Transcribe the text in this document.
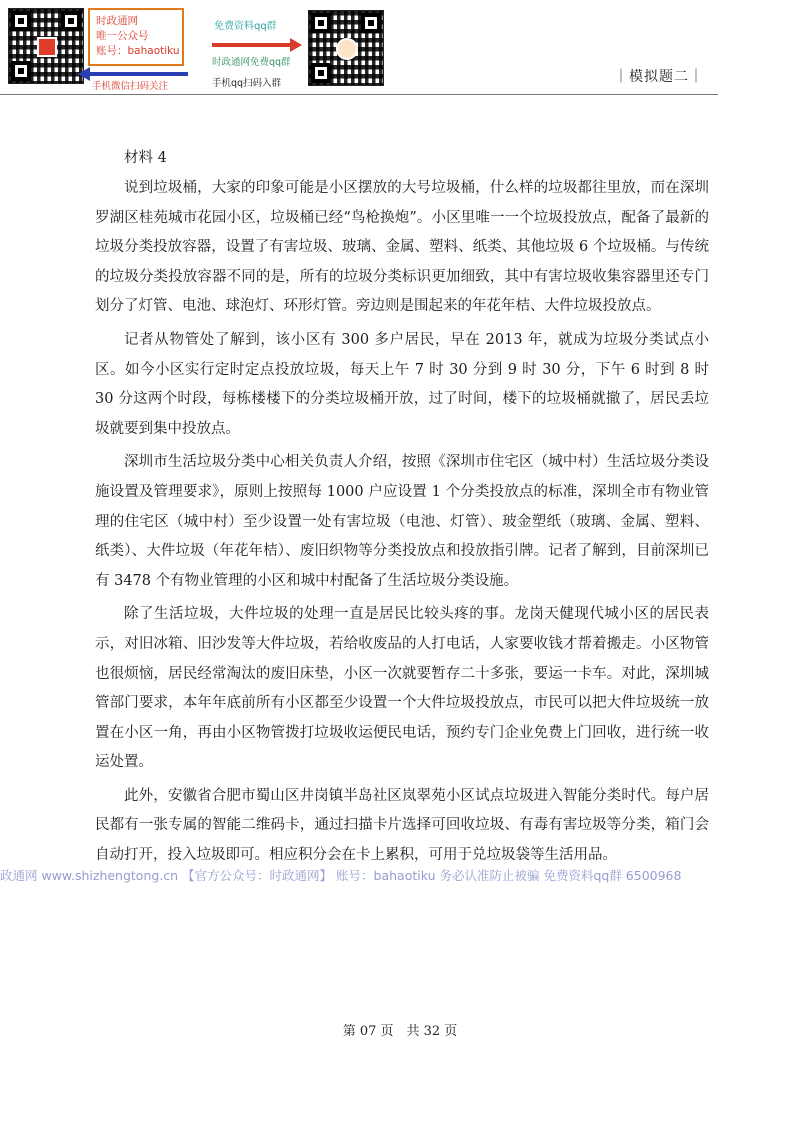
时政通网
唯一公众号
账号：bahaotiku
手机微信扫码关注
免费资料qq群
时政通网免费qq群
手机qq扫码入群	｜模拟题二｜
材料 4

说到垃圾桶，大家的印象可能是小区摆放的大号垃圾桶，什么样的垃圾都往里放，而在深圳罗湖区桂苑城市花园小区，垃圾桶已经“鸟枪换炮”。小区里唯一一个垃圾投放点，配备了最新的垃圾分类投放容器，设置了有害垃圾、玻璃、金属、塑料、纸类、其他垃圾 6 个垃圾桶。与传统的垃圾分类投放容器不同的是，所有的垃圾分类标识更加细致，其中有害垃圾收集容器里还专门划分了灯管、电池、球泡灯、环形灯管。旁边则是围起来的年花年桔、大件垃圾投放点。

记者从物管处了解到，该小区有 300 多户居民，早在 2013 年，就成为垃圾分类试点小区。如今小区实行定时定点投放垃圾，每天上午 7 时 30 分到 9 时 30 分，下午 6 时到 8 时 30 分这两个时段，每栋楼楼下的分类垃圾桶开放，过了时间，楼下的垃圾桶就撤了，居民丢垃圾就要到集中投放点。

深圳市生活垃圾分类中心相关负责人介绍，按照《深圳市住宅区（城中村）生活垃圾分类设施设置及管理要求》，原则上按照每 1000 户应设置 1 个分类投放点的标准，深圳全市有物业管理的住宅区（城中村）至少设置一处有害垃圾（电池、灯管）、玻金塑纸（玻璃、金属、塑料、纸类）、大件垃圾（年花年桔）、废旧织物等分类投放点和投放指引牌。记者了解到，目前深圳已有 3478 个有物业管理的小区和城中村配备了生活垃圾分类设施。

除了生活垃圾，大件垃圾的处理一直是居民比较头疼的事。龙岗天健现代城小区的居民表示，对旧冰箱、旧沙发等大件垃圾，若给收废品的人打电话，人家要收钱才帮着搬走。小区物管也很烦恼，居民经常淘汰的废旧床垫，小区一次就要暂存二十多张，要运一卡车。对此，深圳城管部门要求，本年年底前所有小区都至少设置一个大件垃圾投放点，市民可以把大件垃圾统一放置在小区一角，再由小区物管拨打垃圾收运便民电话，预约专门企业免费上门回收，进行统一收运处置。

此外，安徽省合肥市蜀山区井岗镇半岛社区岚翠苑小区试点垃圾进入智能分类时代。每户居民都有一张专属的智能二维码卡，通过扫描卡片选择可回收垃圾、有毒有害垃圾等分类，箱门会自动打开，投入垃圾即可。相应积分会在卡上累积，可用于兑垃圾袋等生活用品。

政通网 www.shizhengtong.cn 【官方公众号：时政通网】 账号：bahaotiku 务必认准防止被骗 免费资料qq群 6500968
第 07 页　共 32 页
